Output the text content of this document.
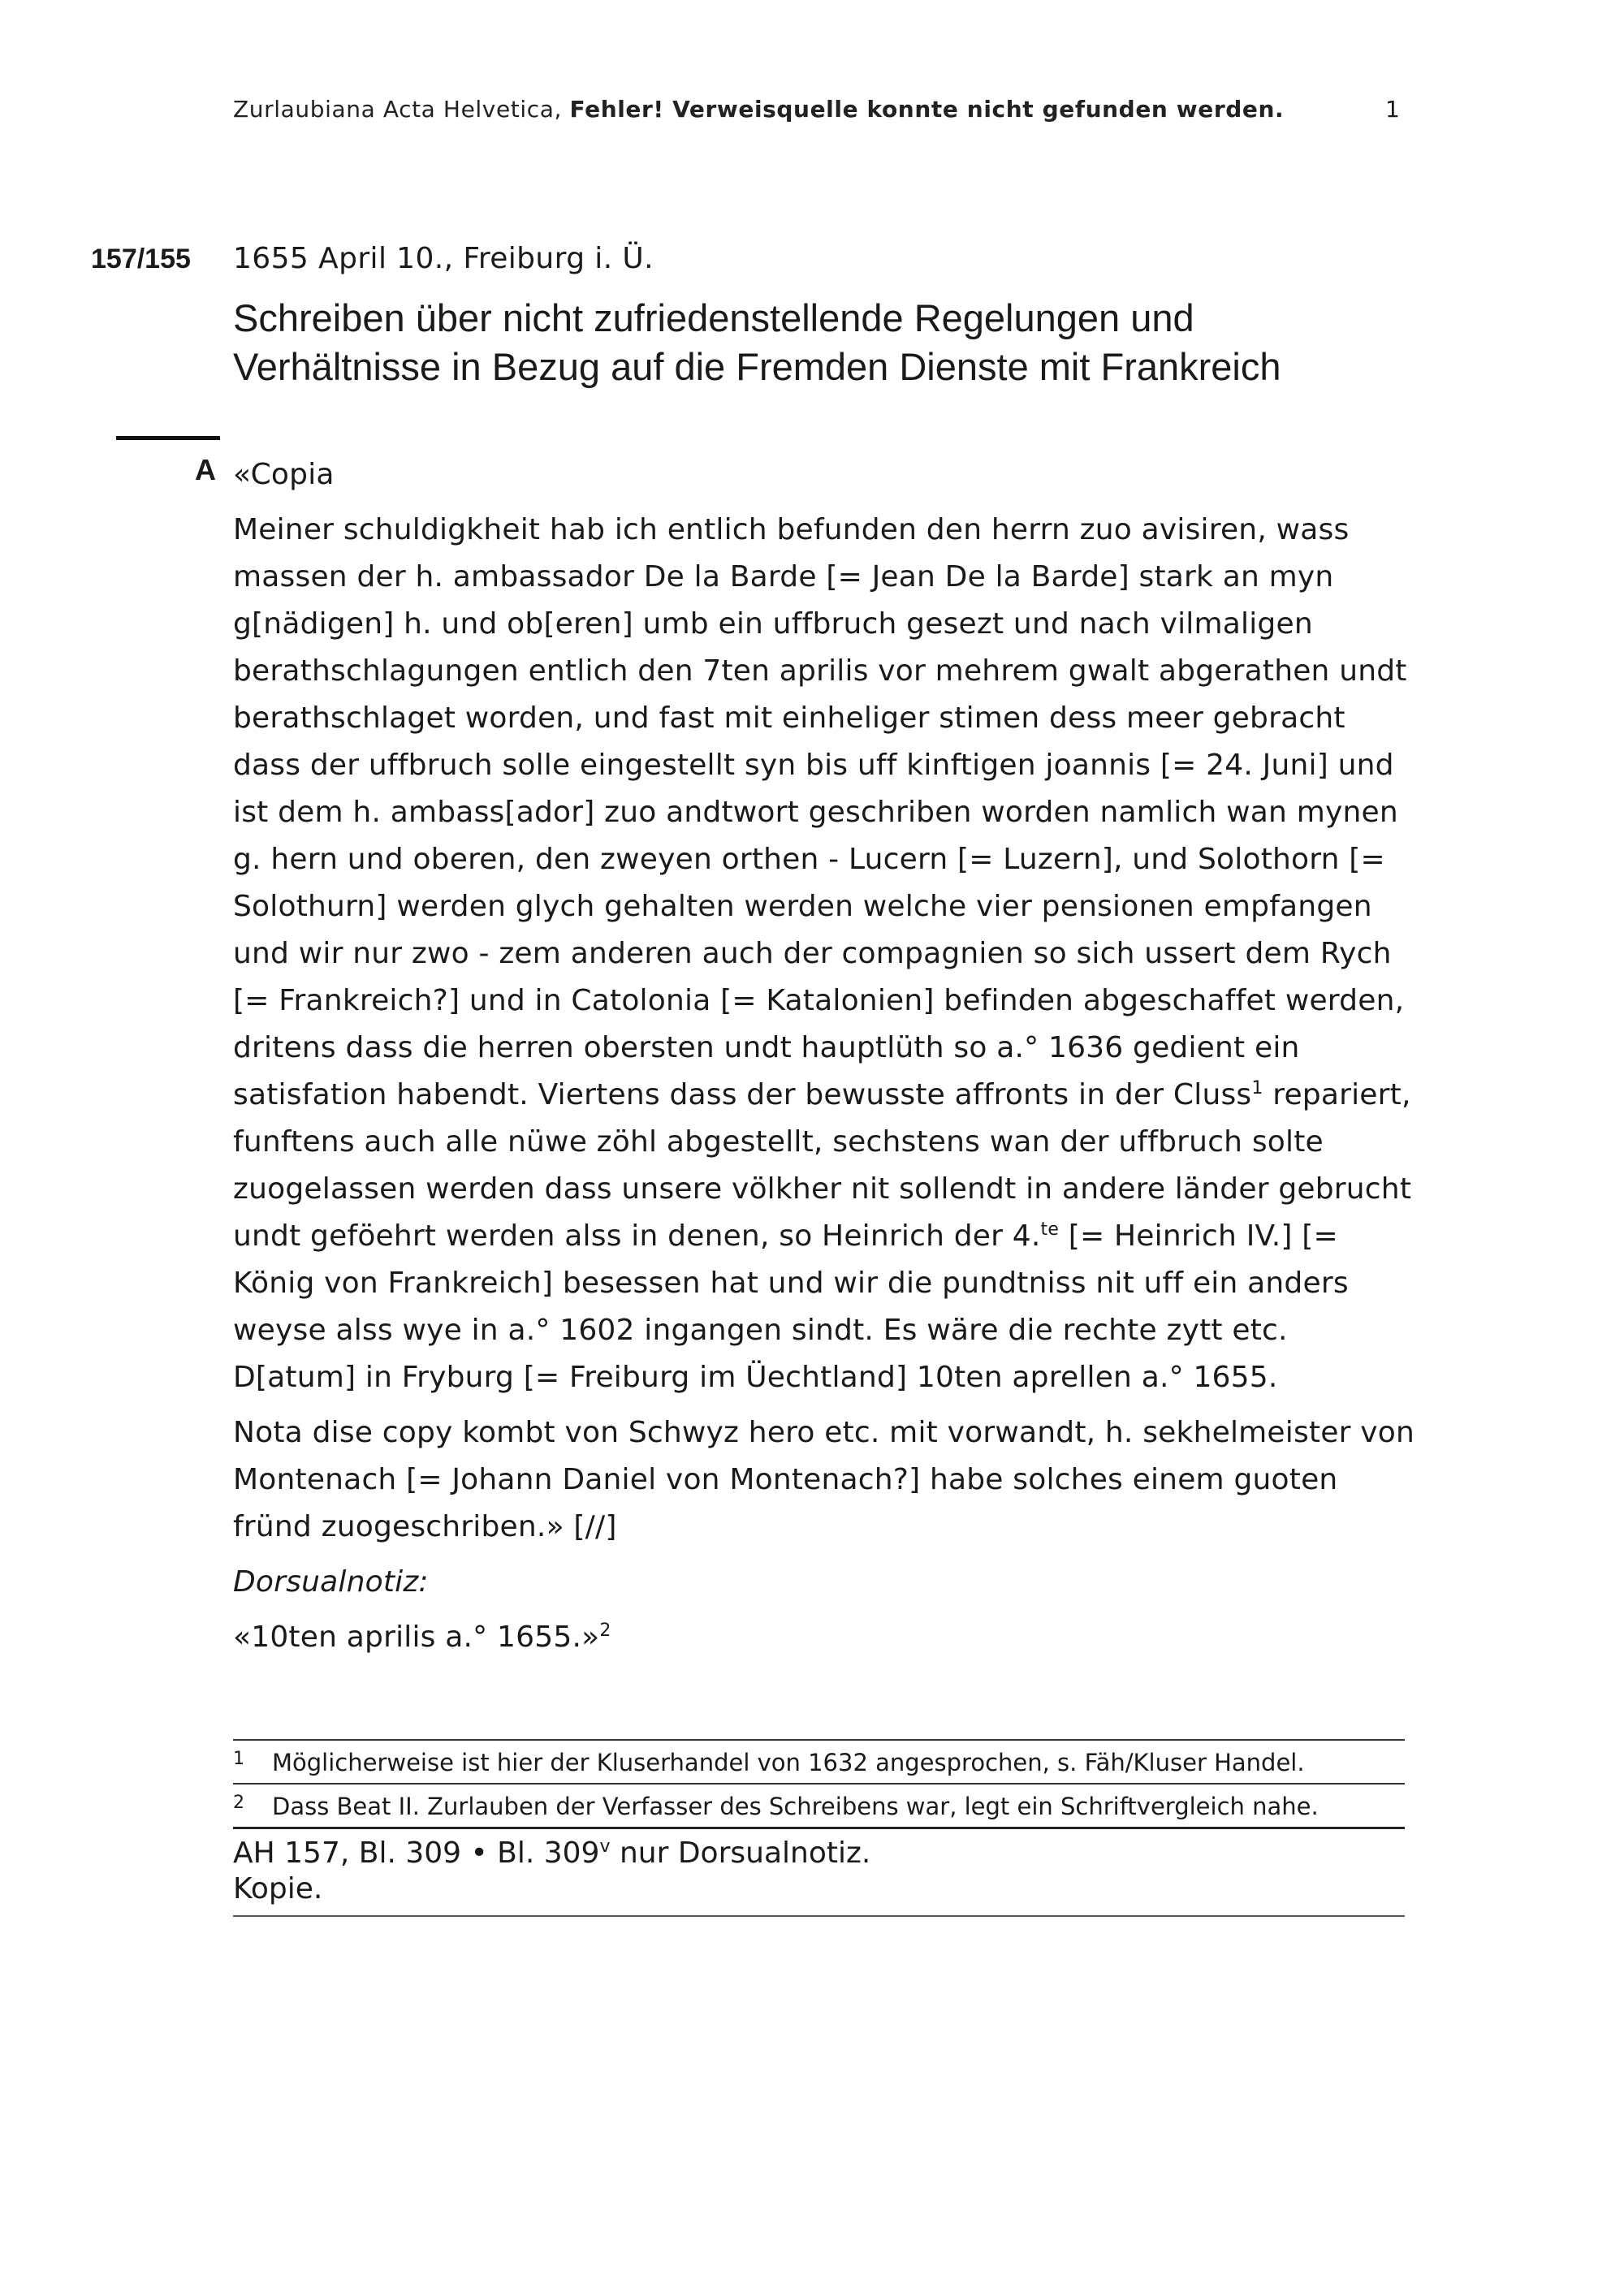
Zurlaubiana Acta Helvetica, Fehler! Verweisquelle konnte nicht gefunden werden.	1
157/155 1655 April 10., Freiburg i. Ü.
Schreiben über nicht zufriedenstellende Regelungen und Verhältnisse in Bezug auf die Fremden Dienste mit Frankreich
A «Copia

Meiner schuldigkheit hab ich entlich befunden den herrn zuo avisiren, wass massen der h. ambassador De la Barde [= Jean De la Barde] stark an myn g[nädigen] h. und ob[eren] umb ein uffbruch gesezt und nach vilmaligen berathschlagungen entlich den 7ten aprilis vor mehrem gwalt abgerathen undt berathschlaget worden, und fast mit einheliger stimen dess meer gebracht dass der uffbruch solle eingestellt syn bis uff kinftigen joannis [= 24. Juni] und ist dem h. ambass[ador] zuo andtwort geschriben worden namlich wan mynen g. hern und oberen, den zweyen orthen - Lucern [= Luzern], und Solothorn [= Solothurn] werden glych gehalten werden welche vier pensionen empfangen und wir nur zwo - zem anderen auch der compagnien so sich ussert dem Rych [= Frankreich?] und in Catolonia [= Katalonien] befinden abgeschaffet werden, dritens dass die herren obersten undt hauptlüth so a.° 1636 gedient ein satisfation habendt. Viertens dass der bewusste affronts in der Cluss$^1$ repariert, funftens auch alle nüwe zöhl abgestellt, sechstens wan der uffbruch solte zuogelassen werden dass unsere völkher nit sollendt in andere länder gebrucht undt geföehrt werden alss in denen, so Heinrich der 4.$^{te}$ [= Heinrich IV.] [= König von Frankreich] besessen hat und wir die pundtniss nit uff ein anders weyse alss wye in a.° 1602 ingangen sindt. Es wäre die rechte zytt etc. D[atum] in Fryburg [= Freiburg im Üechtland] 10ten aprellen a.° 1655.

Nota dise copy kombt von Schwyz hero etc. mit vorwandt, h. sekhelmeister von Montenach [= Johann Daniel von Montenach?] habe solches einem guoten fründ zuogeschriben.» [//]

Dorsualnotiz:

«10ten aprilis a.° 1655.»$^2$

1	Möglicherweise ist hier der Kluserhandel von 1632 angesprochen, s. Fäh/Kluser Handel.
2	Dass Beat II. Zurlauben der Verfasser des Schreibens war, legt ein Schriftvergleich nahe.
AH 157, Bl. 309 • Bl. 309$^v$ nur Dorsualnotiz.
Kopie.
